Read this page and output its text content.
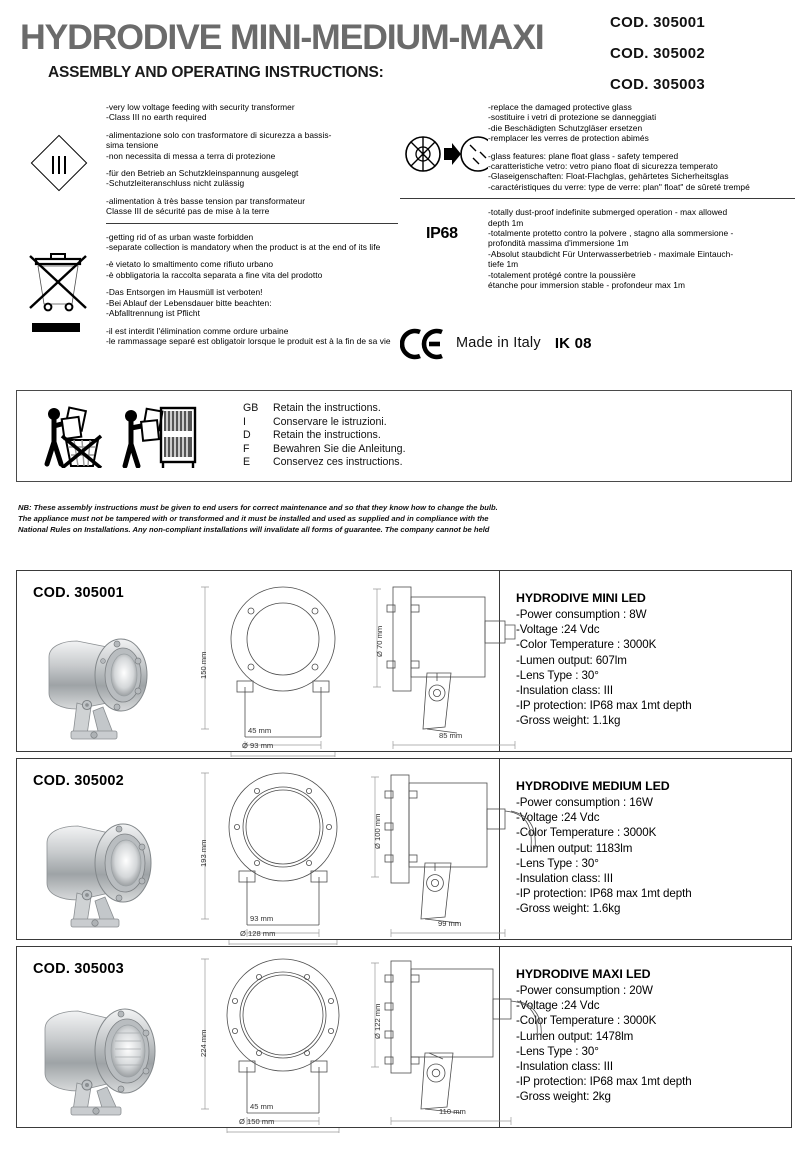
HYDRODIVE MINI-MEDIUM-MAXI
ASSEMBLY AND OPERATING INSTRUCTIONS:
COD. 305001
COD. 305002
COD. 305003

-very low voltage feeding with security transformer

-Class III no earth required

-alimentazione solo con trasformatore di sicurezza a bassis-

sima tensione

-non necessita di messa a terra di protezione

-für den Betrieb an Schutzkleinspannung ausgelegt

-Schutzleiteranschluss nicht zulässig

-alimentation à très basse tension par transformateur

Classe III de sécurité pas de mise à la terre

-getting rid of as urban waste forbidden

-separate collection is mandatory when the product is at the end of its life

-è vietato lo smaltimento come rifiuto urbano

-è obbligatoria la raccolta separata a fine vita del prodotto

-Das Entsorgen im Hausmüll ist verboten!

-Bei Ablauf der Lebensdauer bitte beachten:

-Abfalltrennung ist Pflicht

-il est interdit l'élimination comme ordure urbaine

-le rammassage separé est obligatoir lorsque le produit est à la fin de sa vie

-replace the damaged protective glass

-sostituire i vetri di protezione se danneggiati

-die Beschädigten Schutzgläser ersetzen

-remplacer les verres de protection abimés

-glass features: plane float glass - safety tempered

-caratteristiche vetro: vetro piano float di sicurezza temperato

-Glaseigenschaften: Float-Flachglas, gehärtetes Sicherheitsglas

-caractéristiques du verre: type de verre: plan" float" de sûreté trempé

IP68

-totally dust-proof indefinite submerged operation - max allowed

depth 1m

-totalmente protetto contro la polvere , stagno alla sommersione -

profondità massima d'immersione 1m

-Absolut staubdicht Für Unterwasserbetrieb - maximale Eintauch-

tiefe 1m

-totalement protégé contre la poussière

étanche pour immersion stable - profondeur max 1m

Made in Italy IK 08
GB	Retain the instructions.
I	Conservare le istruzioni.
D	Retain the instructions.
F	Bewahren Sie die Anleitung.
E	Conservez ces instructions.

NB: These assembly instructions must be given to end users for correct maintenance and so that they know how to change the bulb.

The appliance must not be tampered with or transformed and it must be installed and used as supplied and in compliance with the

National Rules on Installations. Any non-compliant installations will invalidate all forms of guarantee. The company cannot be held

COD. 305001
150 mm
45 mm
Ø 93 mm
Ø 70 mm
85 mm
HYDRODIVE MINI LED
-Power consumption : 8W
-Voltage :24 Vdc
-Color Temperature : 3000K
-Lumen output: 607lm
-Lens Type : 30°
-Insulation class: III
-IP protection: IP68 max 1mt depth
-Gross weight: 1.1kg
COD. 305002
193 mm
93 mm
Ø 128 mm
Ø 100 mm
99 mm
HYDRODIVE MEDIUM LED
-Power consumption : 16W
-Voltage :24 Vdc
-Color Temperature : 3000K
-Lumen output: 1183lm
-Lens Type : 30°
-Insulation class: III
-IP protection: IP68 max 1mt depth
-Gross weight: 1.6kg
COD. 305003
224 mm
45 mm
Ø 150 mm
Ø 122 mm
110 mm
HYDRODIVE MAXI LED
-Power consumption : 20W
-Voltage :24 Vdc
-Color Temperature : 3000K
-Lumen output: 1478lm
-Lens Type : 30°
-Insulation class: III
-IP protection: IP68 max 1mt depth
-Gross weight: 2kg
